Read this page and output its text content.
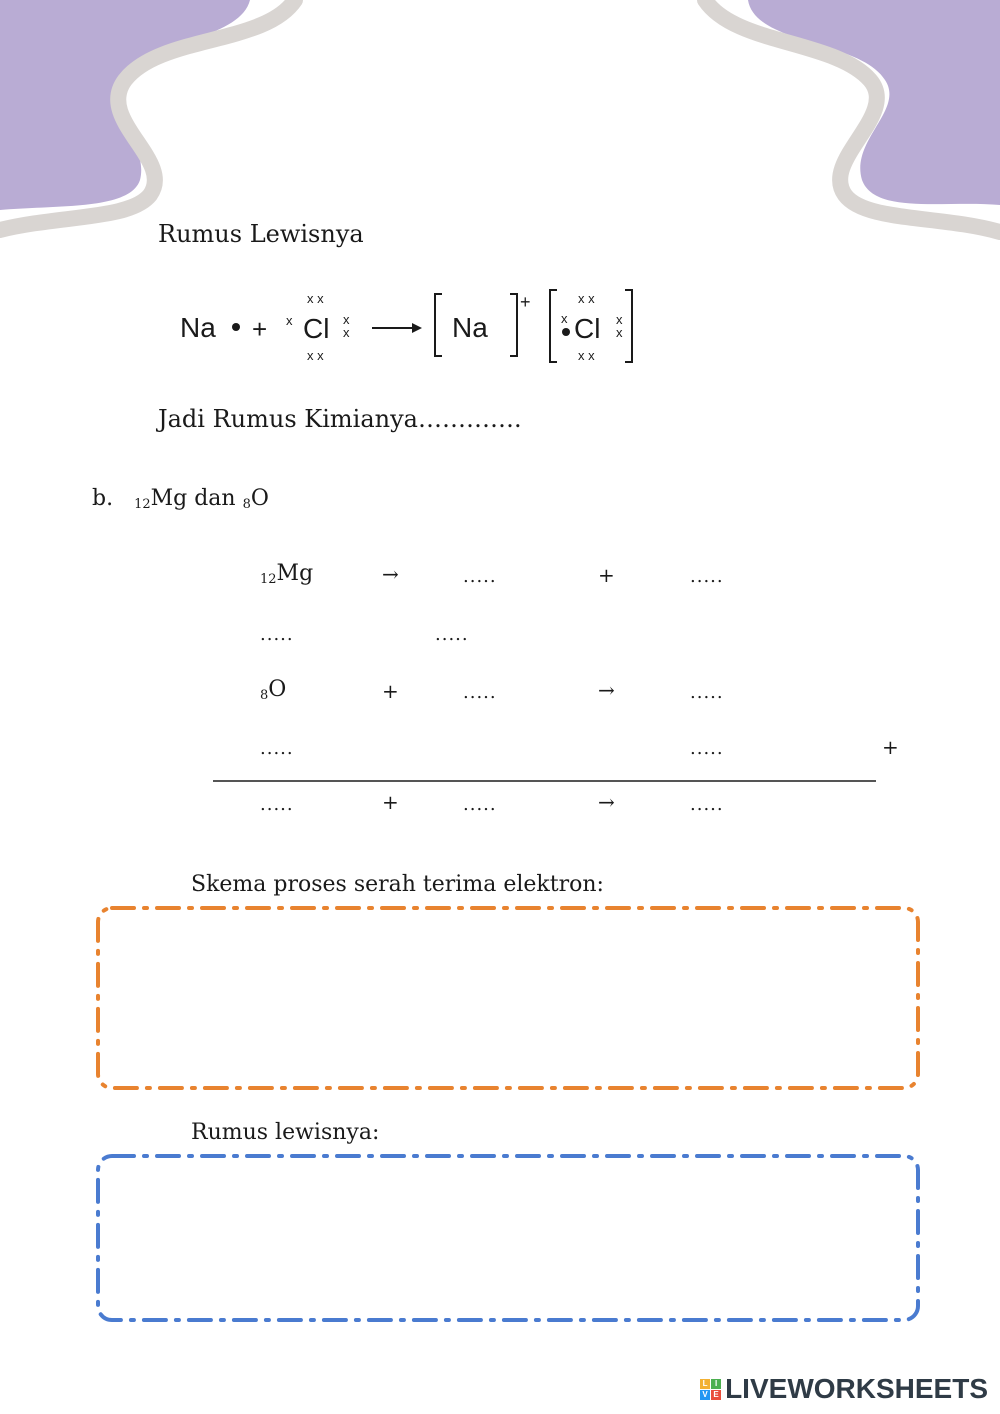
Rumus Lewisnya
Na + x
x x
Cl
x x
x
x	Na
+	x x
x Cl
x x
x
x
Jadi Rumus Kimianya………….
b. $_{12}$Mg dan $_8$O
$_{12}$Mg	→	.....	+	.....
.....	.....
$_8$O	+	.....	→	.....
.....	.....	+
.....	+	.....	→	.....
Skema proses serah terima elektron:
Rumus lewisnya:
L I
V E LIVEWORKSHEETS
